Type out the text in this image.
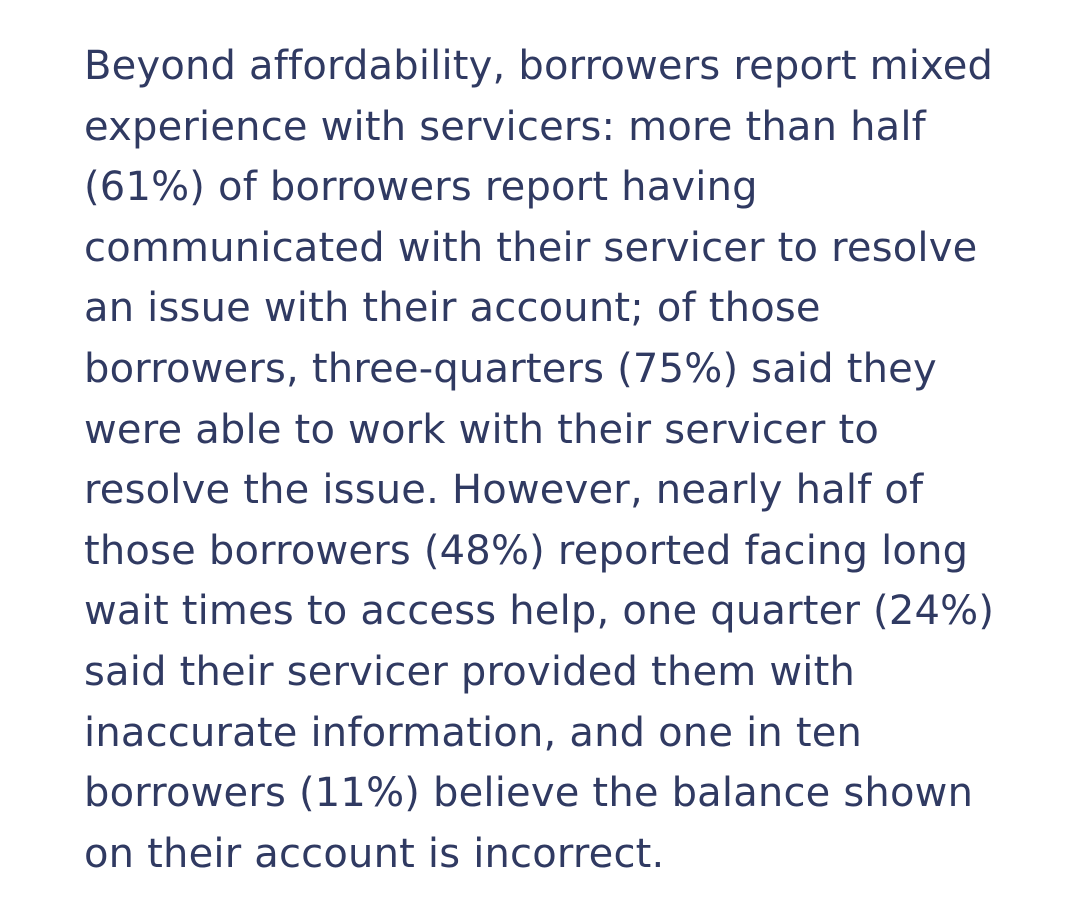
Beyond affordability, borrowers report mixed
experience with servicers: more than half
(61%) of borrowers report having
communicated with their servicer to resolve
an issue with their account; of those
borrowers, three-quarters (75%) said they
were able to work with their servicer to
resolve the issue. However, nearly half of
those borrowers (48%) reported facing long
wait times to access help, one quarter (24%)
said their servicer provided them with
inaccurate information, and one in ten
borrowers (11%) believe the balance shown
on their account is incorrect.
